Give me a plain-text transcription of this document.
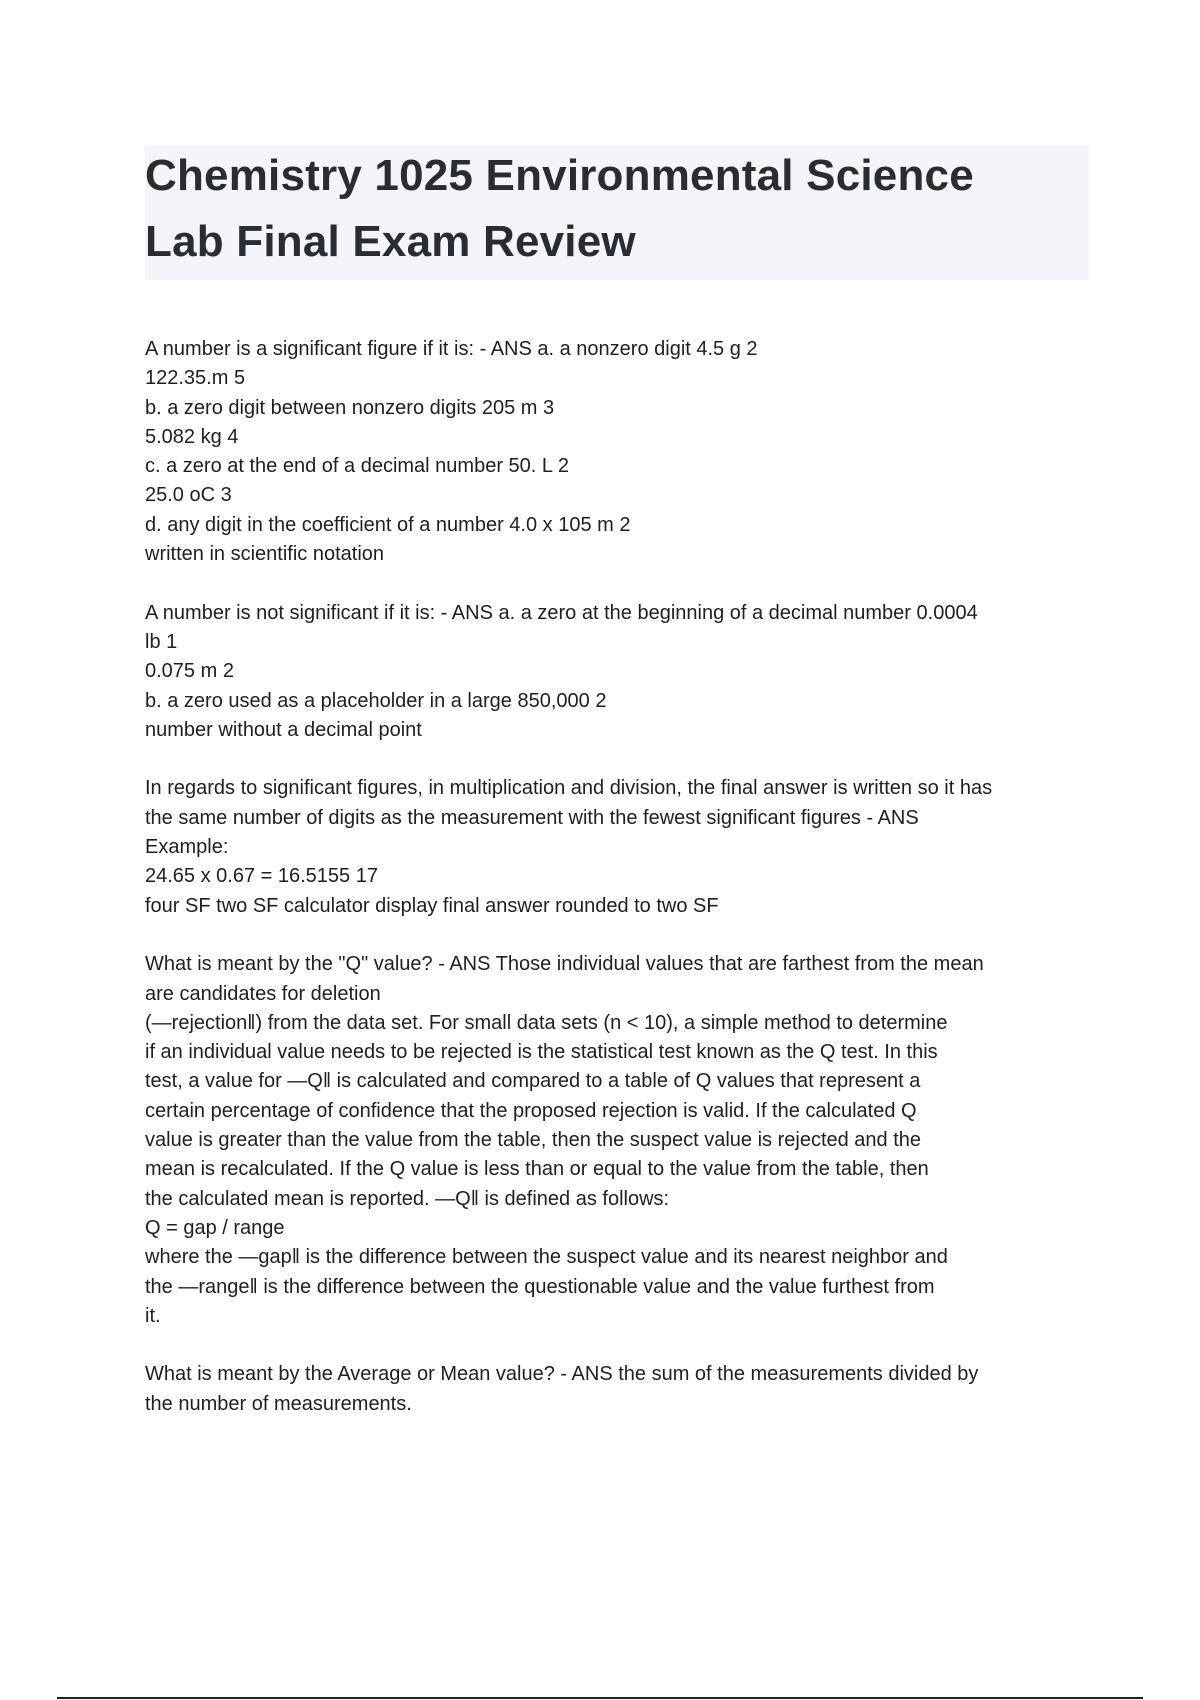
Chemistry 1025 Environmental Science
Lab Final Exam Review
A number is a significant figure if it is: - ANS a. a nonzero digit 4.5 g 2
122.35.m 5
b. a zero digit between nonzero digits 205 m 3
5.082 kg 4
c. a zero at the end of a decimal number 50. L 2
25.0 oC 3
d. any digit in the coefficient of a number 4.0 x 105 m 2
written in scientific notation
A number is not significant if it is: - ANS a. a zero at the beginning of a decimal number 0.0004
lb 1
0.075 m 2
b. a zero used as a placeholder in a large 850,000 2
number without a decimal point
In regards to significant figures, in multiplication and division, the final answer is written so it has
the same number of digits as the measurement with the fewest significant figures - ANS
Example:
24.65 x 0.67 = 16.5155 17
four SF two SF calculator display final answer rounded to two SF
What is meant by the "Q" value? - ANS Those individual values that are farthest from the mean
are candidates for deletion
(—rejection‖) from the data set. For small data sets (n < 10), a simple method to determine
if an individual value needs to be rejected is the statistical test known as the Q test. In this
test, a value for —Q‖ is calculated and compared to a table of Q values that represent a
certain percentage of confidence that the proposed rejection is valid. If the calculated Q
value is greater than the value from the table, then the suspect value is rejected and the
mean is recalculated. If the Q value is less than or equal to the value from the table, then
the calculated mean is reported. —Q‖ is defined as follows:
Q = gap / range
where the —gap‖ is the difference between the suspect value and its nearest neighbor and
the —range‖ is the difference between the questionable value and the value furthest from
it.
What is meant by the Average or Mean value? - ANS the sum of the measurements divided by
the number of measurements.
